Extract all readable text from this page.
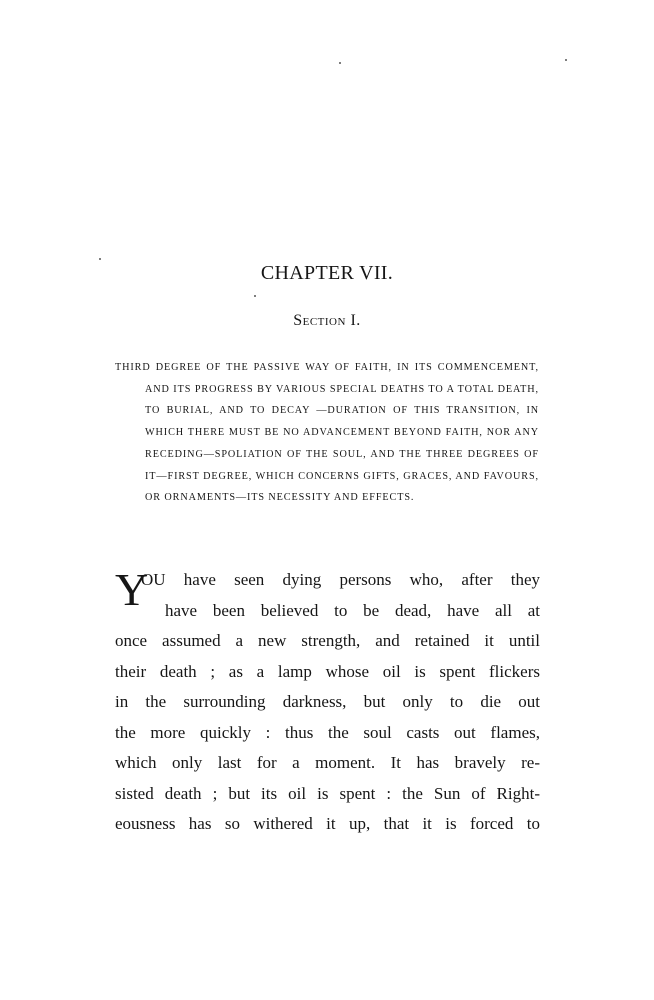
CHAPTER VII.
Section I.
THIRD DEGREE OF THE PASSIVE WAY OF FAITH, IN ITS COMMENCEMENT, AND ITS PROGRESS BY VARIOUS SPECIAL DEATHS TO A TOTAL DEATH, TO BURIAL, AND TO DECAY —DURATION OF THIS TRANSITION, IN WHICH THERE MUST BE NO ADVANCEMENT BEYOND FAITH, NOR ANY RECEDING—SPOLIATION OF THE SOUL, AND THE THREE DEGREES OF IT—FIRST DEGREE, WHICH CONCERNS GIFTS, GRACES, AND FAVOURS, OR ORNAMENTS—ITS NECESSITY AND EFFECTS.
Y
OU have seen dying persons who, after they
have been believed to be dead, have all at
once assumed a new strength, and retained it until
their death ; as a lamp whose oil is spent flickers
in the surrounding darkness, but only to die out
the more quickly : thus the soul casts out flames,
which only last for a moment. It has bravely re-
sisted death ; but its oil is spent : the Sun of Right-
eousness has so withered it up, that it is forced to
